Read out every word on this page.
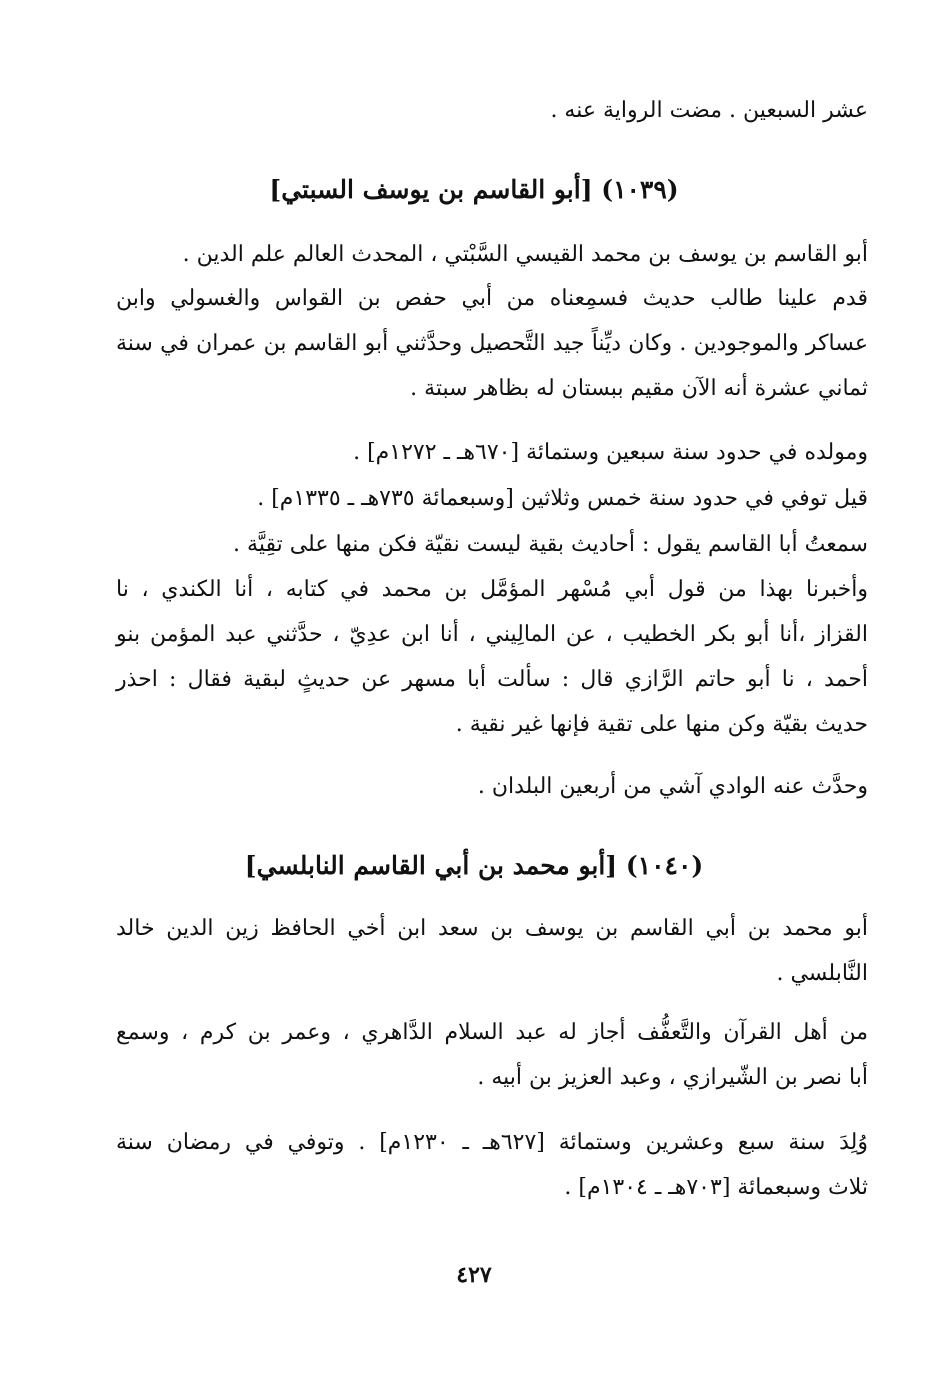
عشر السبعين . مضت الرواية عنه .
(١٠٣٩) [أبو القاسم بن يوسف السبتي]
أبو القاسم بن يوسف بن محمد القيسي السَّبْتي ، المحدث العالم علم الدين .
قدم علينا طالب حديث فسمِعناه من أبي حفص بن القواس والغسولي وابن
عساكر والموجودين . وكان ديِّناً جيد التَّحصيل وحدَّثني أبو القاسم بن عمران في سنة
ثماني عشرة أنه الآن مقيم ببستان له بظاهر سبتة .
ومولده في حدود سنة سبعين وستمائة [٦٧٠هـ ـ ١٢٧٢م] .
قيل توفي في حدود سنة خمس وثلاثين [وسبعمائة ٧٣٥هـ ـ ١٣٣٥م] .
سمعتُ أبا القاسم يقول : أحاديث بقية ليست نقيّة فكن منها على تقِيَّة .
وأخبرنا بهذا من قول أبي مُسْهر المؤمَّل بن محمد في كتابه ، أنا الكندي ، نا
القزاز ،أنا أبو بكر الخطيب ، عن المالِيني ، أنا ابن عدِيّ ، حدَّثني عبد المؤمن بنو
أحمد ، نا أبو حاتم الرَّازي قال : سألت أبا مسهر عن حديثٍ لبقية فقال : احذر
حديث بقيّة وكن منها على تقية فإنها غير نقية .
وحدَّث عنه الوادي آشي من أربعين البلدان .
(١٠٤٠) [أبو محمد بن أبي القاسم النابلسي]
أبو محمد بن أبي القاسم بن يوسف بن سعد ابن أخي الحافظ زين الدين خالد
النَّابلسي .
من أهل القرآن والتَّعفُّف أجاز له عبد السلام الدَّاهري ، وعمر بن كرم ، وسمع
أبا نصر بن الشّيرازي ، وعبد العزيز بن أبيه .
وُلِدَ سنة سبع وعشرين وستمائة [٦٢٧هـ ـ ١٢٣٠م] . وتوفي في رمضان سنة
ثلاث وسبعمائة [٧٠٣هـ ـ ١٣٠٤م] .
٤٢٧
